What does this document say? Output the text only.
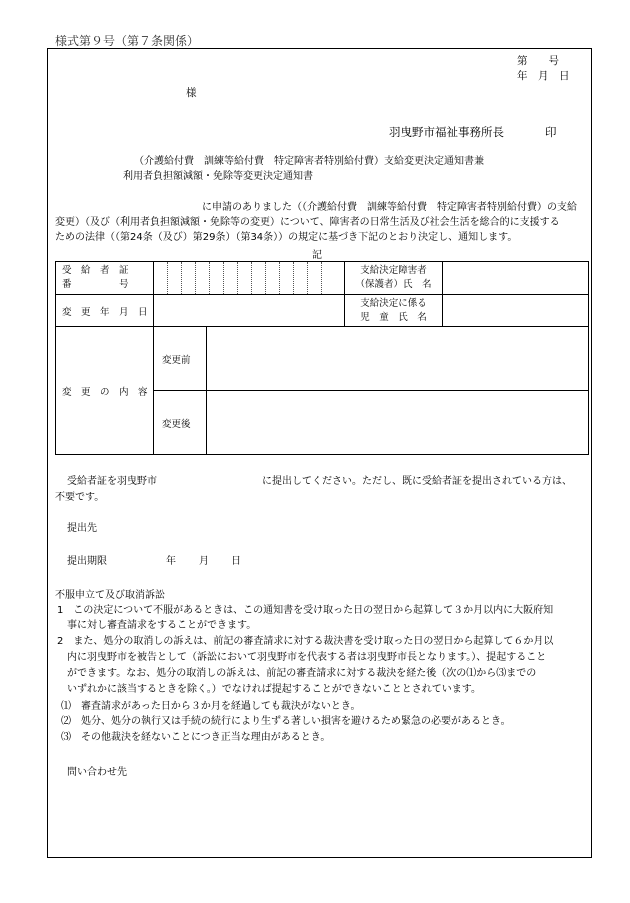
様式第９号（第７条関係）
第　　号
年　月　日
様
羽曳野市福祉事務所長	印
（介護給付費　訓練等給付費　特定障害者特別給付費）支給変更決定通知書兼
利用者負担額減額・免除等変更決定通知書
に申請のありました（（介護給付費　訓練等給付費　特定障害者特別給付費）の支給
変更）（及び（利用者負担額減額・免除等の変更）について、障害者の日常生活及び社会生活を総合的に支援する
ための法律（（第24条（及び）第29条）（第34条））の規定に基づき下記のとおり決定し、通知します。
記
受　給　者　証
番　　　　　号			支給決定障害者
（保護者）氏　名	

変　更　年　月　日			支給決定に係る
児　童　氏　名	

変　更　の　内　容	変更前			
	変更後			
受給者証を羽曳野市	に提出してください。ただし、既に受給者証を提出されている方は、
不要です。
提出先
提出期限	年 月 日
不服申立て及び取消訴訟
1　この決定について不服があるときは、この通知書を受け取った日の翌日から起算して３か月以内に大阪府知
事に対し審査請求をすることができます。
2　また、処分の取消しの訴えは、前記の審査請求に対する裁決書を受け取った日の翌日から起算して６か月以
内に羽曳野市を被告として（訴訟において羽曳野市を代表する者は羽曳野市長となります。）、提起すること
ができます。なお、処分の取消しの訴えは、前記の審査請求に対する裁決を経た後（次の⑴から⑶までの
いずれかに該当するときを除く。）でなければ提起することができないこととされています。
⑴　審査請求があった日から３か月を経過しても裁決がないとき。
⑵　処分、処分の執行又は手続の続行により生ずる著しい損害を避けるため緊急の必要があるとき。
⑶　その他裁決を経ないことにつき正当な理由があるとき。
問い合わせ先
